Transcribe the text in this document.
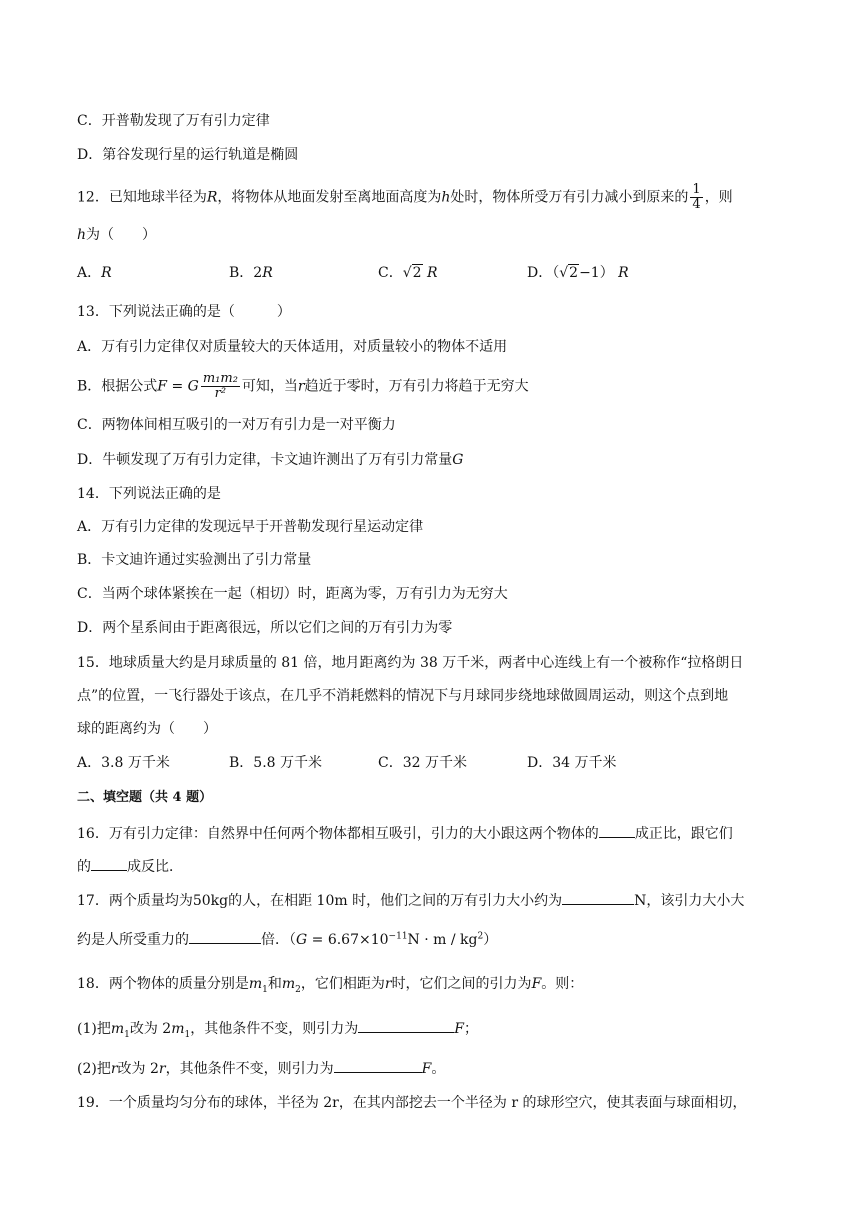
C．开普勒发现了万有引力定律
D．第谷发现行星的运行轨道是椭圆
12．已知地球半径为R，将物体从地面发射至离地面高度为h处时，物体所受万有引力减小到原来的 $\frac{1}{4}$ ，则
h为（　　）
A．R	B．2R	C．√2 R	D．（√2−1） R
13．下列说法正确的是（　　　）
A．万有引力定律仅对质量较大的天体适用，对质量较小的物体不适用
B．根据公式F = G $\frac{\text{m₁m₂}}{\text{r²}}$ 可知，当r趋近于零时，万有引力将趋于无穷大
C．两物体间相互吸引的一对万有引力是一对平衡力
D．牛顿发现了万有引力定律，卡文迪许测出了万有引力常量G
14．下列说法正确的是
A．万有引力定律的发现远早于开普勒发现行星运动定律
B．卡文迪许通过实验测出了引力常量
C．当两个球体紧挨在一起（相切）时，距离为零，万有引力为无穷大
D．两个星系间由于距离很远，所以它们之间的万有引力为零
15．地球质量大约是月球质量的 81 倍，地月距离约为 38 万千米，两者中心连线上有一个被称作“拉格朗日
点”的位置，一飞行器处于该点，在几乎不消耗燃料的情况下与月球同步绕地球做圆周运动，则这个点到地
球的距离约为（　　）
A．3.8 万千米	B．5.8 万千米	C．32 万千米	D．34 万千米
二、填空题（共 4 题）
16．万有引力定律：自然界中任何两个物体都相互吸引，引力的大小跟这两个物体的	成正比，跟它们
的	成反比．
17．两个质量均为50kg的人，在相距 10m 时，他们之间的万有引力大小约为	N，该引力大小大
约是人所受重力的	倍．$(G = 6.67\times 10^{-11}N \cdot m / kg^2)$
18．两个物体的质量分别是$m_1$和$m_2$，它们相距为r时，它们之间的引力为F。则：
(1)把$m_1$改为 $2m_1$，其他条件不变，则引力为	F；
(2)把r改为 2r，其他条件不变，则引力为	F。
19．一个质量均匀分布的球体，半径为 2r，在其内部挖去一个半径为 r 的球形空穴，使其表面与球面相切，
